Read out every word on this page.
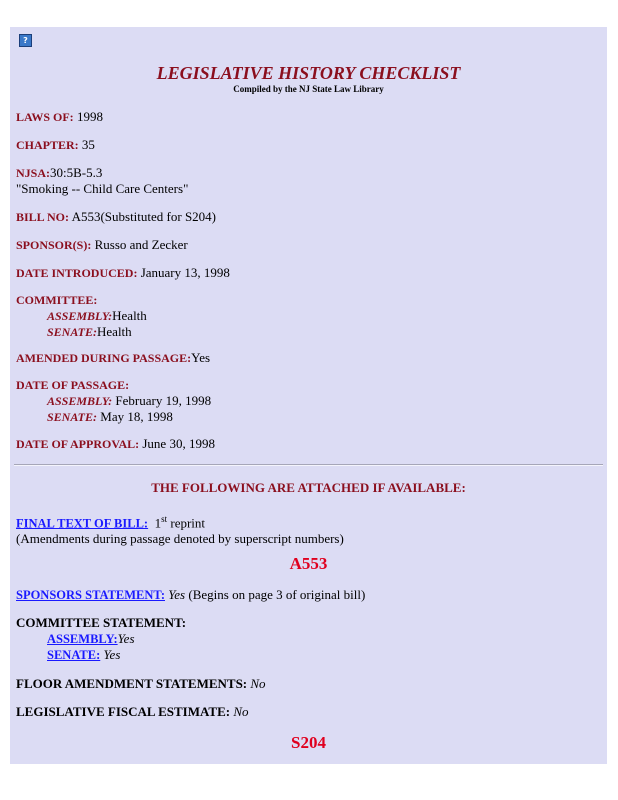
?
LEGISLATIVE HISTORY CHECKLIST
Compiled by the NJ State Law Library
LAWS OF: 1998
CHAPTER: 35
NJSA:30:5B-5.3
"Smoking -- Child Care Centers"
BILL NO: A553(Substituted for S204)
SPONSOR(S): Russo and Zecker
DATE INTRODUCED: January 13, 1998
COMMITTEE:

ASSEMBLY:Health
SENATE:Health
AMENDED DURING PASSAGE:Yes
DATE OF PASSAGE:

ASSEMBLY: February 19, 1998
SENATE: May 18, 1998
DATE OF APPROVAL: June 30, 1998
THE FOLLOWING ARE ATTACHED IF AVAILABLE:
FINAL TEXT OF BILL: 1st reprint
(Amendments during passage denoted by superscript numbers)
A553
SPONSORS STATEMENT: Yes (Begins on page 3 of original bill)
COMMITTEE STATEMENT:

ASSEMBLY:Yes
SENATE: Yes
FLOOR AMENDMENT STATEMENTS: No
LEGISLATIVE FISCAL ESTIMATE: No
S204
